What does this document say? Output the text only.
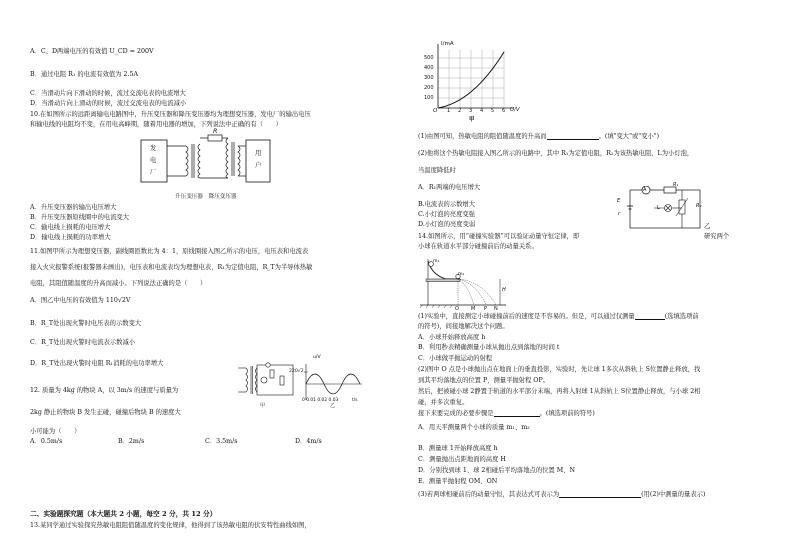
A．C、D两端电压的有效值 U_CD = 200V
B．通过电阻 R₁ 的电流有效值为 2.5A
C．当滑动片向下滑动的时候，流过交流电表的电流增大
D．当滑动片向上滑动的时候，流过交流电表的电流减小
10.在如图所示的远距离输电电路图中，升压变压器和降压变压器均为理想变压器，发电厂的输出电压
和输电线的电阻均不变，在用电高峰期，随着用电器的增加，下列说法中正确的有（　　）
发
电
厂
R
用
户
升压变压器　降压变压器
A．升压变压器的输出电压增大
B．升压变压器原线圈中的电流变大
C．输电线上损耗的电压增大
D．输电线上损耗的功率增大
11.如图甲所示为理想变压器，副线圈匝数比为 4：1，原线圈接入图乙所示的电压，电压表和电流表
接入火灾报警系统(报警器未画出)，电压表和电流表均为理想电表，R₁为定值电阻，R_T为半导体热敏
电阻，其阻值随温度的升高而减小。下列说法正确的是（　　）
A．图乙中电压的有效值为 110√2V
B．R_T处出现火警时电压表的示数变大
C．R_T处出现火警时电流表示数减小
D．R_T处出现火警时电阻 R₁消耗的电功率增大
u/V
220√2
0 0.01 0.02 0.03	t/s
甲	乙
12. 质量为 4kg 的物块 A，以 3m/s 的速度与质量为
2kg 静止的物块 B 发生正碰，碰撞后物块 B 的速度大
小可能为（　　）
A．0.5m/s	B．2m/s	C．3.5m/s	D．4m/s
二、实验题探究题（本大题共 2 小题，每空 2 分，共 12 分）
13.某同学通过实验探究热敏电阻阻值随温度的变化规律，他得到了该热敏电阻的伏安特性曲线如图，
I/mA
500
400
300
200
100
O 1 2 3 4 5 6 U/V
甲
(1)由图可知，热敏电阻的阻值随温度的升高而	。(填"变大"或"变小")
(2)他将这个热敏电阻接入图乙所示的电路中，其中 R₁为定值电阻，R₂为该热敏电阻，L为小灯泡，
当温度降低时
A．R₁两端的电压增大
B.电流表的示数增大
C.小灯泡的亮度变强
D.小灯泡的亮度变弱
A
E
r
L
R₁
R₂
乙
14.如图所示，用“碰撞实验器”可以验证动量守恒定律，即	研究两个
小球在轨道水平部分碰撞前后的动量关系。
m₁
m₂
H
O M P N
(1)实验中，直接测定小球碰撞前后的速度是不容易的。但是，可以通过仅测量	(选填选项前
的符号)，间接地解决这个问题。
A．小球开始释放高度 h
B．利用秒表精确测量小球从抛出点到落地的时间 t
C．小球做平抛运动的射程
(2)图中 O 点是小球抛出点在地面上的垂直投影，实验时，先让球 1多次从斜轨上 S位置静止释放，找
到其平均落地点的位置 P，测量平抛射程 OP。
然后，把被碰小球 2静置于轨道的水平部分末端，再将入射球 1从斜轨上 S位置静止释放，与小球 2相
碰，并多次重复。
接下来要完成的必要步骤是	。(填选项前的符号)
A．用天平测量两个小球的质量 m₁、m₂
B．测量球 1开始释放高度 h
C．测量抛出点距地面的高度 H
D．分别找到球 1、球 2相碰后平均落地点的位置 M、N
E．测量平抛射程 OM、ON
(3)若两球相碰前后的动量守恒，其表达式可表示为	(用(2)中测量的量表示)
